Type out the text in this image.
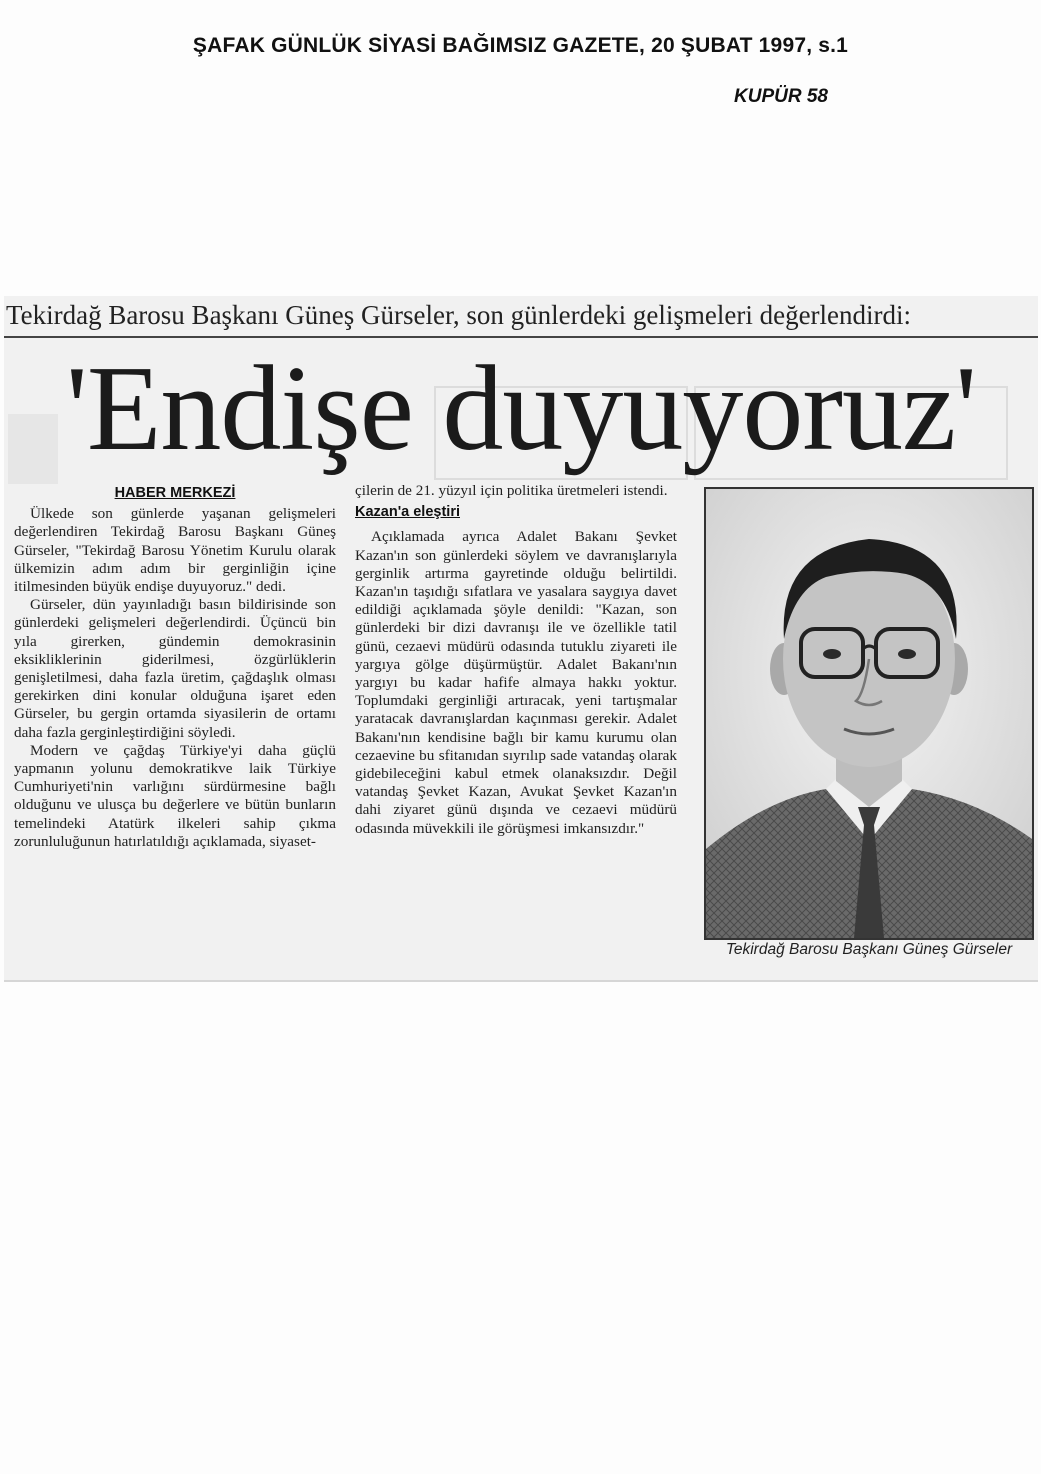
ŞAFAK GÜNLÜK SİYASİ BAĞIMSIZ GAZETE, 20 ŞUBAT 1997, s.1
KUPÜR 58
Tekirdağ Barosu Başkanı Güneş Gürseler, son günlerdeki gelişmeleri değerlendirdi:
'Endişe duyuyoruz'
HABER MERKEZİ

Ülkede son günlerde yaşanan gelişmeleri değerlendiren Tekirdağ Barosu Başkanı Güneş Gürseler, "Tekirdağ Barosu Yönetim Kurulu olarak ülkemizin adım adım bir gerginliğin içine itilmesinden büyük endişe duyuyoruz." dedi.

Gürseler, dün yayınladığı basın bildirisinde son günlerdeki gelişmeleri değerlendirdi. Üçüncü bin yıla girerken, gündemin demokrasinin eksikliklerinin giderilmesi, özgürlüklerin genişletilmesi, daha fazla üretim, çağdaşlık olması gerekirken dini konular olduğuna işaret eden Gürseler, bu gergin ortamda siyasilerin de ortamı daha fazla gerginleştirdiğini söyledi.

Modern ve çağdaş Türkiye'yi daha güçlü yapmanın yolunu demokratikve laik Türkiye Cumhuriyeti'nin varlığını sürdürmesine bağlı olduğunu ve ulusça bu değerlere ve bütün bunların temelindeki Atatürk ilkeleri sahip çıkma zorunluluğunun hatırlatıldığı açıklamada, siyaset-

çilerin de 21. yüzyıl için politika üretmeleri istendi.

Kazan'a eleştiri

Açıklamada ayrıca Adalet Bakanı Şevket Kazan'ın son günlerdeki söylem ve davranışlarıyla gerginlik artırma gayretinde olduğu belirtildi. Kazan'ın taşıdığı sıfatlara ve yasalara saygıya davet edildiği açıklamada şöyle denildi: "Kazan, son günlerdeki bir dizi davranışı ile ve özellikle tatil günü, cezaevi müdürü odasında tutuklu ziyareti ile yargıya gölge düşürmüştür. Adalet Bakanı'nın yargıyı bu kadar hafife almaya hakkı yoktur. Toplumdaki gerginliği artıracak, yeni tartışmalar yaratacak davranışlardan kaçınması gerekir. Adalet Bakanı'nın kendisine bağlı bir kamu kurumu olan cezaevine bu sfitanıdan sıyrılıp sade vatandaş olarak gidebileceğini kabul etmek olanaksızdır. Değil vatandaş Şevket Kazan, Avukat Şevket Kazan'ın dahi ziyaret günü dışında ve cezaevi müdürü odasında müvekkili ile görüşmesi imkansızdır."

Tekirdağ Barosu Başkanı Güneş Gürseler
